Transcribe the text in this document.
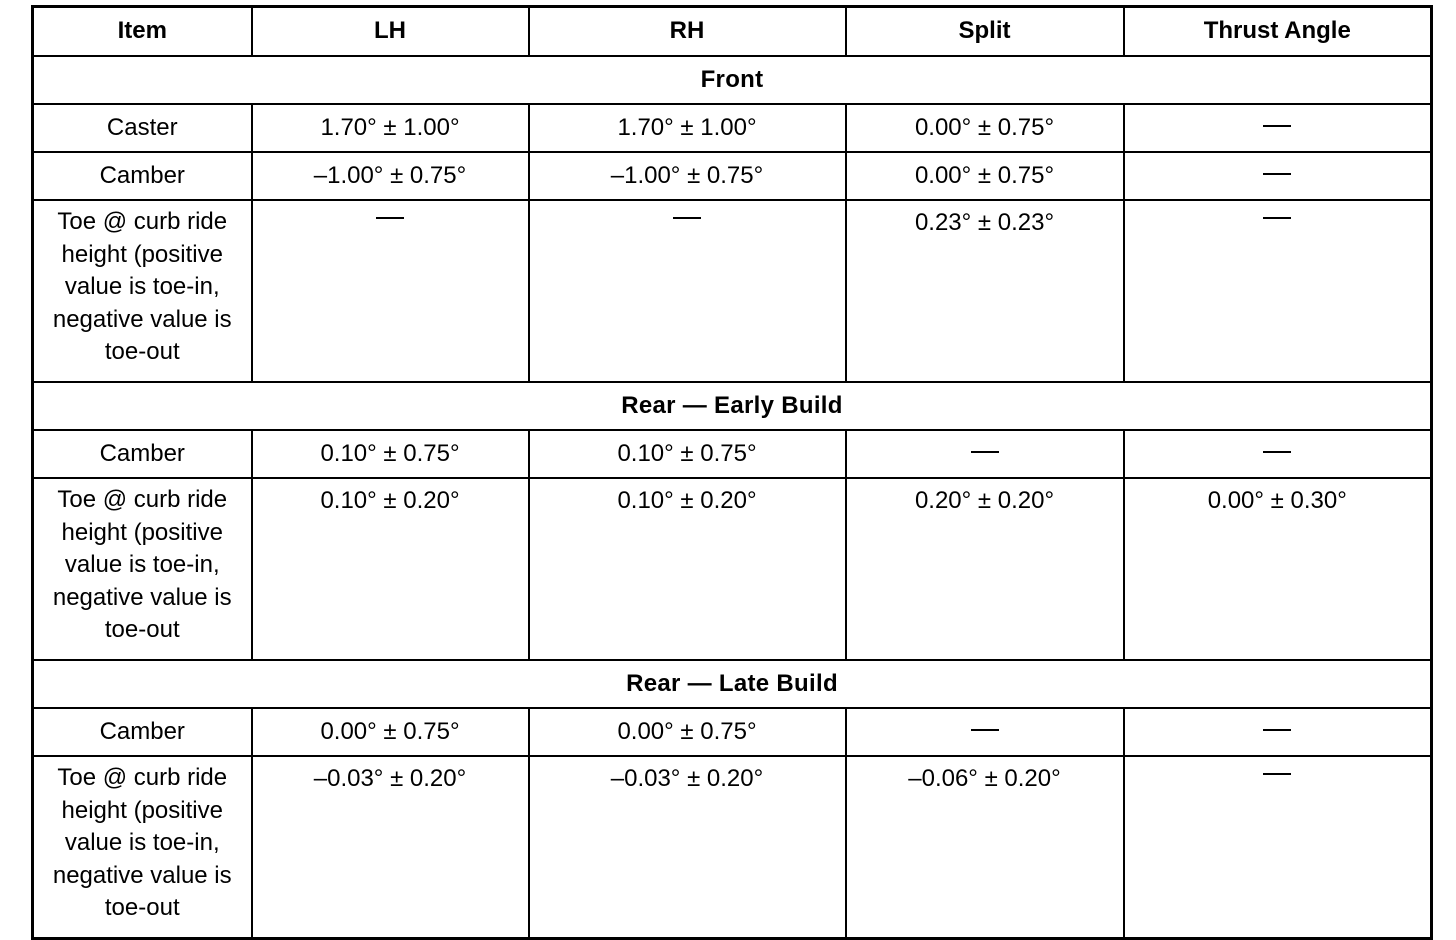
Item	LH	RH	Split	Thrust Angle
Front				
Caster	1.70° ± 1.00°	1.70° ± 1.00°	0.00° ± 0.75°	
Camber	–1.00° ± 0.75°	–1.00° ± 0.75°	0.00° ± 0.75°	
Toe @ curb ride height (positive value is toe-in, negative value is toe-out			0.23° ± 0.23°	
Rear — Early Build				
Camber	0.10° ± 0.75°	0.10° ± 0.75°		
Toe @ curb ride height (positive value is toe-in, negative value is toe-out	0.10° ± 0.20°	0.10° ± 0.20°	0.20° ± 0.20°	0.00° ± 0.30°
Rear — Late Build				
Camber	0.00° ± 0.75°	0.00° ± 0.75°		
Toe @ curb ride height (positive value is toe-in, negative value is toe-out	–0.03° ± 0.20°	–0.03° ± 0.20°	–0.06° ± 0.20°	
